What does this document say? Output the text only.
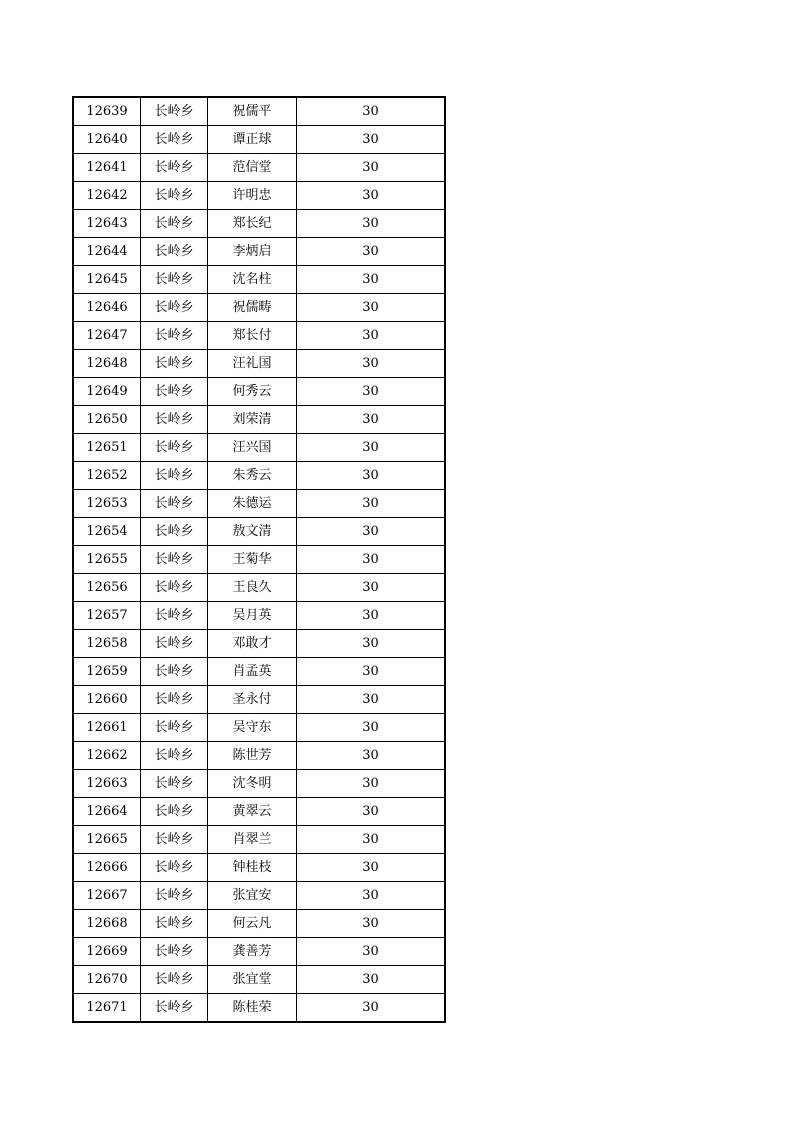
12639	长岭乡	祝儒平	30
12640	长岭乡	谭正球	30
12641	长岭乡	范信堂	30
12642	长岭乡	许明忠	30
12643	长岭乡	郑长纪	30
12644	长岭乡	李炳启	30
12645	长岭乡	沈名柱	30
12646	长岭乡	祝儒畴	30
12647	长岭乡	郑长付	30
12648	长岭乡	汪礼国	30
12649	长岭乡	何秀云	30
12650	长岭乡	刘荣清	30
12651	长岭乡	汪兴国	30
12652	长岭乡	朱秀云	30
12653	长岭乡	朱德运	30
12654	长岭乡	敖文清	30
12655	长岭乡	王菊华	30
12656	长岭乡	王良久	30
12657	长岭乡	吴月英	30
12658	长岭乡	邓敢才	30
12659	长岭乡	肖孟英	30
12660	长岭乡	圣永付	30
12661	长岭乡	吴守东	30
12662	长岭乡	陈世芳	30
12663	长岭乡	沈冬明	30
12664	长岭乡	黄翠云	30
12665	长岭乡	肖翠兰	30
12666	长岭乡	钟桂枝	30
12667	长岭乡	张宜安	30
12668	长岭乡	何云凡	30
12669	长岭乡	龚善芳	30
12670	长岭乡	张宜堂	30
12671	长岭乡	陈桂荣	30
